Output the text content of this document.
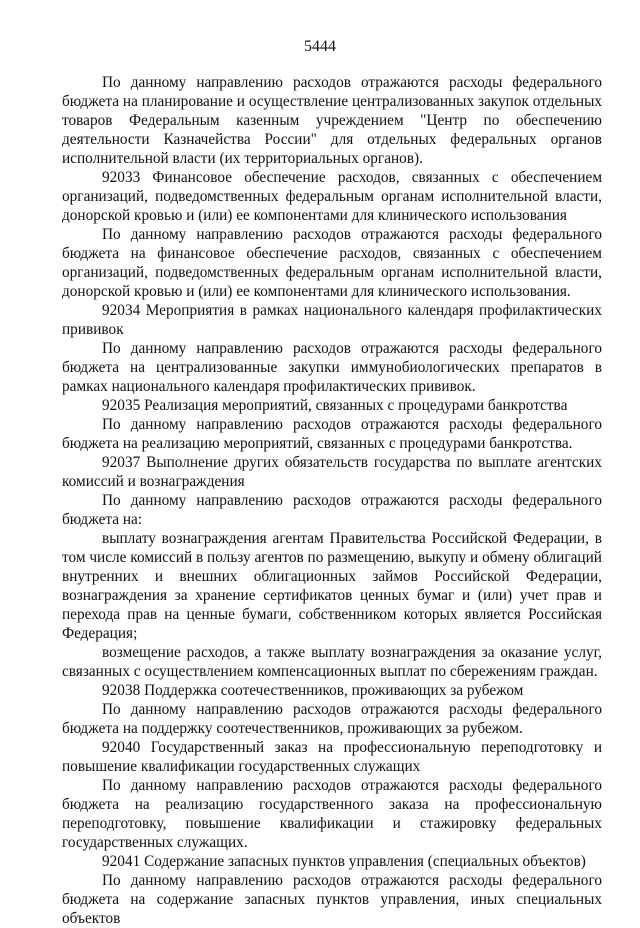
5444

По данному направлению расходов отражаются расходы федерального бюджета на планирование и осуществление централизованных закупок отдельных товаров Федеральным казенным учреждением "Центр по обеспечению деятельности Казначейства России" для отдельных федеральных органов исполнительной власти (их территориальных органов).

92033 Финансовое обеспечение расходов, связанных с обеспечением организаций, подведомственных федеральным органам исполнительной власти, донорской кровью и (или) ее компонентами для клинического использования

По данному направлению расходов отражаются расходы федерального бюджета на финансовое обеспечение расходов, связанных с обеспечением организаций, подведомственных федеральным органам исполнительной власти, донорской кровью и (или) ее компонентами для клинического использования.

92034 Мероприятия в рамках национального календаря профилактических прививок

По данному направлению расходов отражаются расходы федерального бюджета на централизованные закупки иммунобиологических препаратов в рамках национального календаря профилактических прививок.

92035 Реализация мероприятий, связанных с процедурами банкротства

По данному направлению расходов отражаются расходы федерального бюджета на реализацию мероприятий, связанных с процедурами банкротства.

92037 Выполнение других обязательств государства по выплате агентских комиссий и вознаграждения

По данному направлению расходов отражаются расходы федерального бюджета на:

выплату вознаграждения агентам Правительства Российской Федерации, в том числе комиссий в пользу агентов по размещению, выкупу и обмену облигаций внутренних и внешних облигационных займов Российской Федерации, вознаграждения за хранение сертификатов ценных бумаг и (или) учет прав и перехода прав на ценные бумаги, собственником которых является Российская Федерация;

возмещение расходов, а также выплату вознаграждения за оказание услуг, связанных с осуществлением компенсационных выплат по сбережениям граждан.

92038 Поддержка соотечественников, проживающих за рубежом

По данному направлению расходов отражаются расходы федерального бюджета на поддержку соотечественников, проживающих за рубежом.

92040 Государственный заказ на профессиональную переподготовку и повышение квалификации государственных служащих

По данному направлению расходов отражаются расходы федерального бюджета на реализацию государственного заказа на профессиональную переподготовку, повышение квалификации и стажировку федеральных государственных служащих.

92041 Содержание запасных пунктов управления (специальных объектов)

По данному направлению расходов отражаются расходы федерального бюджета на содержание запасных пунктов управления, иных специальных объектов
